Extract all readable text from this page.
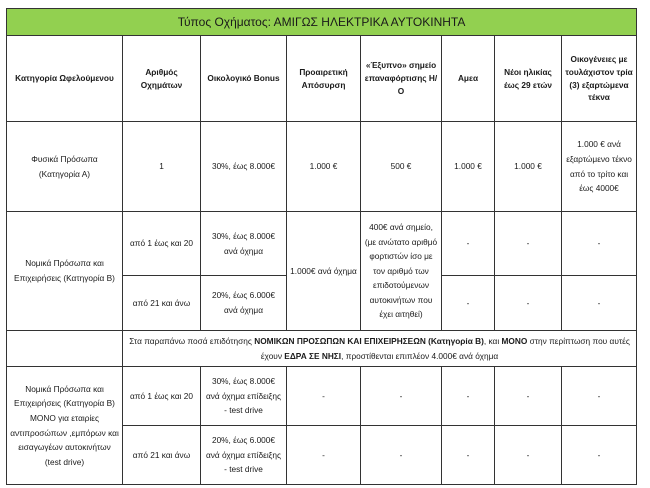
Τύπος Οχήματος: ΑΜΙΓΩΣ ΗΛΕΚΤΡΙΚΑ ΑΥΤΟΚΙΝΗΤΑ							
Κατηγορία Ωφελούμενου	Αριθμός Οχημάτων	Οικολογικό Bonus	Προαιρετική Απόσυρση	«Έξυπνο» σημείο επαναφόρτισης Η/Ο	Αμεα	Νέοι ηλικίας έως 29 ετών	Οικογένειες με τουλάχιστον τρία (3) εξαρτώμενα τέκνα
Φυσικά Πρόσωπα (Κατηγορία Α)	1	30%, έως 8.000€	1.000 €	500 €	1.000 €	1.000 €	1.000 € ανά εξαρτώμενο τέκνο από το τρίτο και έως 4000€
Νομικά Πρόσωπα και Επιχειρήσεις (Κατηγορία Β)	από 1 έως και 20	30%, έως 8.000€ ανά όχημα	1.000€ ανά όχημα	400€ ανά σημείο, (με ανώτατο αριθμό φορτιστών ίσο με τον αριθμό των επιδοτούμενων αυτοκινήτων που έχει αιτηθεί)	-	-	-
	από 21 και άνω	20%, έως 6.000€ ανά όχημα			-	-	-
	Στα παραπάνω ποσά επιδότησης ΝΟΜΙΚΩΝ ΠΡΟΣΩΠΩΝ ΚΑΙ ΕΠΙΧΕΙΡΗΣΕΩΝ (Κατηγορία Β), και ΜΟΝΟ στην περίπτωση που αυτές έχουν ΕΔΡΑ ΣΕ ΝΗΣΙ, προστίθενται επιπλέον 4.000€ ανά όχημα						
Νομικά Πρόσωπα και Επιχειρήσεις (Κατηγορία Β) ΜΟΝΟ για εταιρίες αντιπροσώπων ,εμπόρων και εισαγωγέων αυτοκινήτων (test drive)	από 1 έως και 20	30%, έως 8.000€ ανά όχημα επίδειξης - test drive	-	-	-	-	-
	από 21 και άνω	20%, έως 6.000€ ανά όχημα επίδειξης - test drive	-	-	-	-	-
